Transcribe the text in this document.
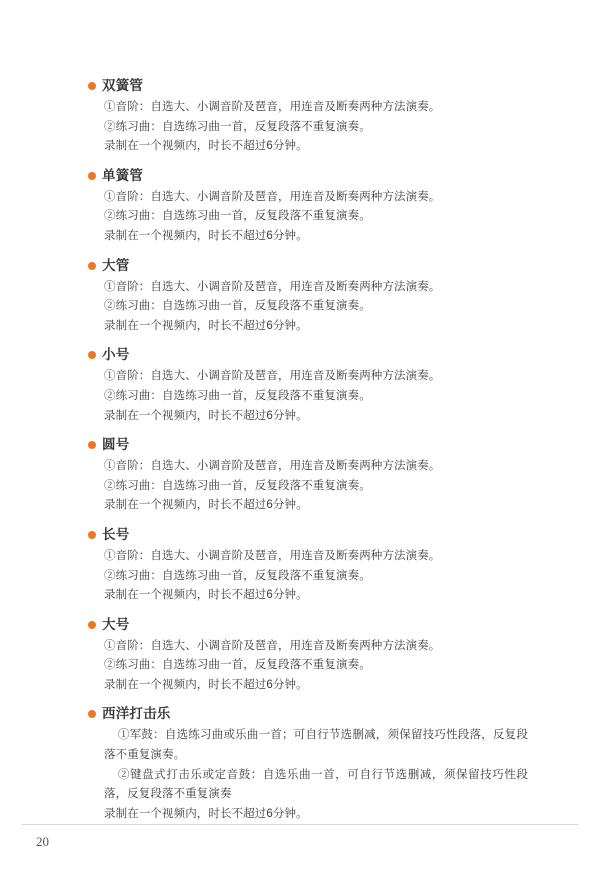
双簧管
①音阶：自选大、小调音阶及琶音，用连音及断奏两种方法演奏。
②练习曲：自选练习曲一首，反复段落不重复演奏。
录制在一个视频内，时长不超过6分钟。
单簧管
①音阶：自选大、小调音阶及琶音，用连音及断奏两种方法演奏。
②练习曲：自选练习曲一首，反复段落不重复演奏。
录制在一个视频内，时长不超过6分钟。
大管
①音阶：自选大、小调音阶及琶音，用连音及断奏两种方法演奏。
②练习曲：自选练习曲一首，反复段落不重复演奏。
录制在一个视频内，时长不超过6分钟。
小号
①音阶：自选大、小调音阶及琶音，用连音及断奏两种方法演奏。
②练习曲：自选练习曲一首，反复段落不重复演奏。
录制在一个视频内，时长不超过6分钟。
圆号
①音阶：自选大、小调音阶及琶音，用连音及断奏两种方法演奏。
②练习曲：自选练习曲一首，反复段落不重复演奏。
录制在一个视频内，时长不超过6分钟。
长号
①音阶：自选大、小调音阶及琶音，用连音及断奏两种方法演奏。
②练习曲：自选练习曲一首，反复段落不重复演奏。
录制在一个视频内，时长不超过6分钟。
大号
①音阶：自选大、小调音阶及琶音，用连音及断奏两种方法演奏。
②练习曲：自选练习曲一首，反复段落不重复演奏。
录制在一个视频内，时长不超过6分钟。
西洋打击乐
①军鼓：自选练习曲或乐曲一首；可自行节选删减，须保留技巧性段落，反复段落不重复演奏。
②键盘式打击乐或定音鼓：自选乐曲一首，可自行节选删减，须保留技巧性段落，反复段落不重复演奏
录制在一个视频内，时长不超过6分钟。
20
